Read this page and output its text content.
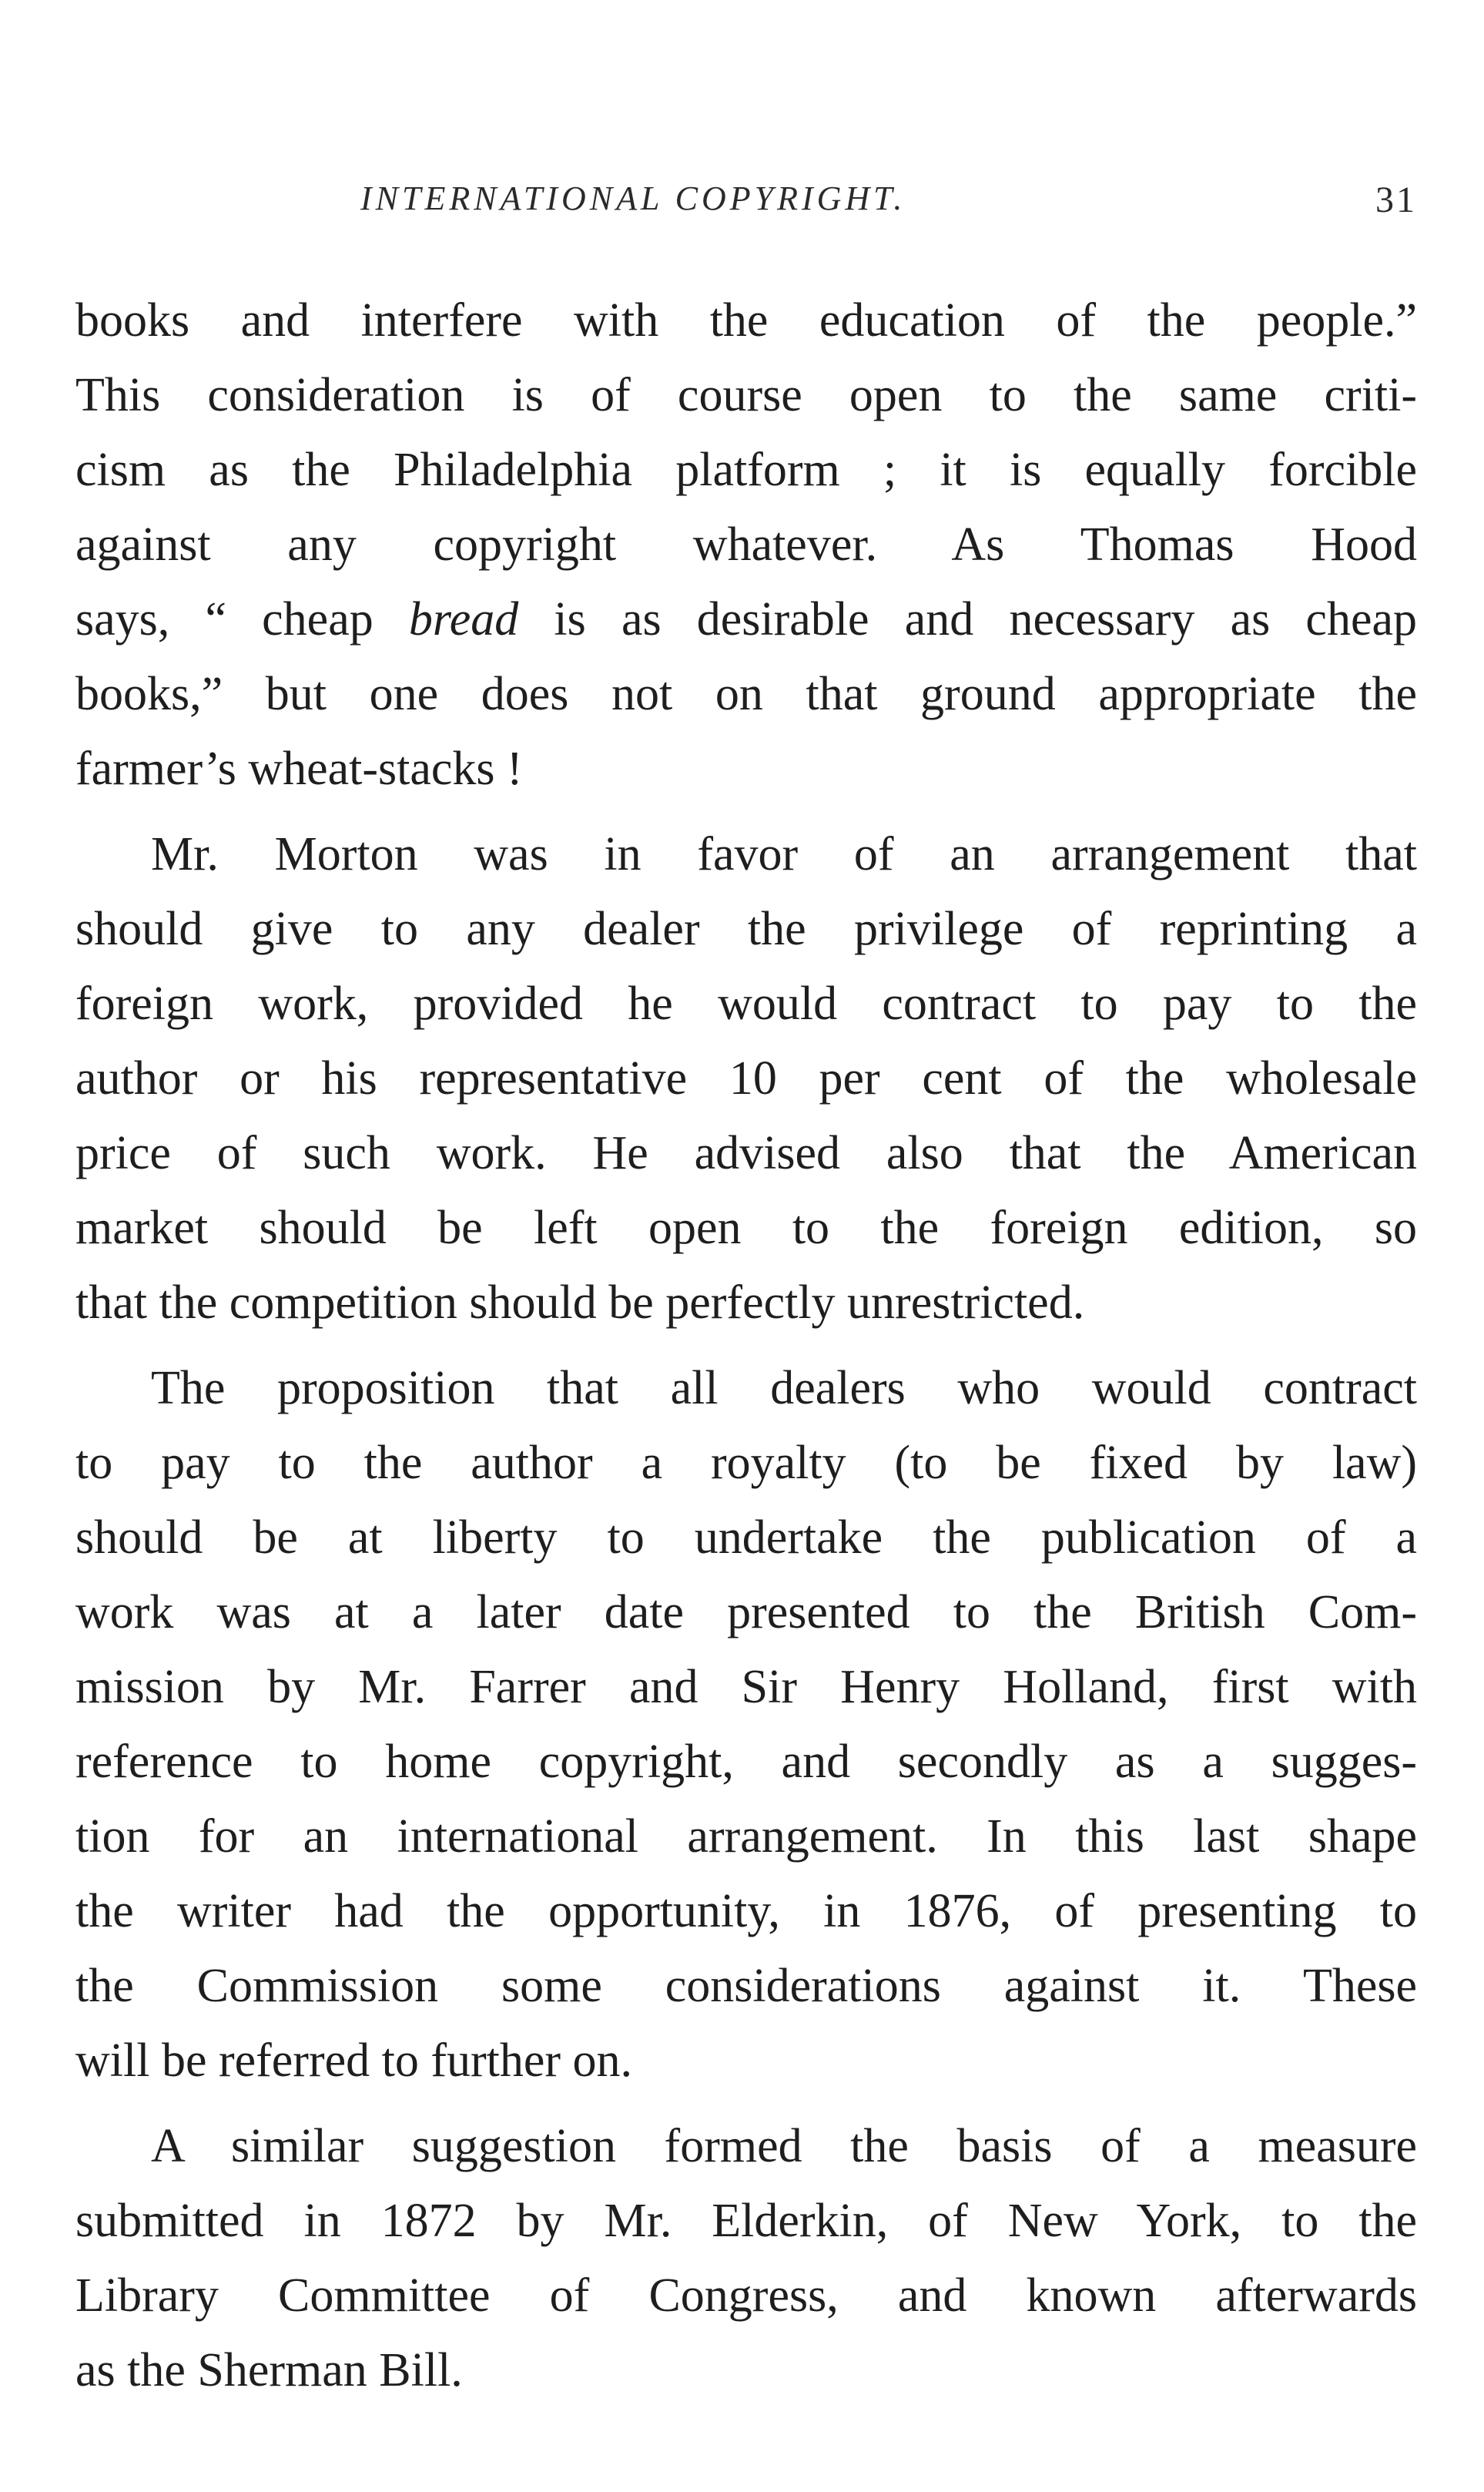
INTERNATIONAL COPYRIGHT.	31
books and interfere with the education of the people.”
This consideration is of course open to the same criti-
cism as the Philadelphia platform ; it is equally forcible
against any copyright whatever. As Thomas Hood
says, “ cheap bread is as desirable and necessary as cheap
books,” but one does not on that ground appropriate the
farmer’s wheat-stacks !
Mr. Morton was in favor of an arrangement that
should give to any dealer the privilege of reprinting a
foreign work, provided he would contract to pay to the
author or his representative 10 per cent of the wholesale
price of such work. He advised also that the American
market should be left open to the foreign edition, so
that the competition should be perfectly unrestricted.
The proposition that all dealers who would contract
to pay to the author a royalty (to be fixed by law)
should be at liberty to undertake the publication of a
work was at a later date presented to the British Com-
mission by Mr. Farrer and Sir Henry Holland, first with
reference to home copyright, and secondly as a sugges-
tion for an international arrangement. In this last shape
the writer had the opportunity, in 1876, of presenting to
the Commission some considerations against it. These
will be referred to further on.
A similar suggestion formed the basis of a measure
submitted in 1872 by Mr. Elderkin, of New York, to the
Library Committee of Congress, and known afterwards
as the Sherman Bill.
